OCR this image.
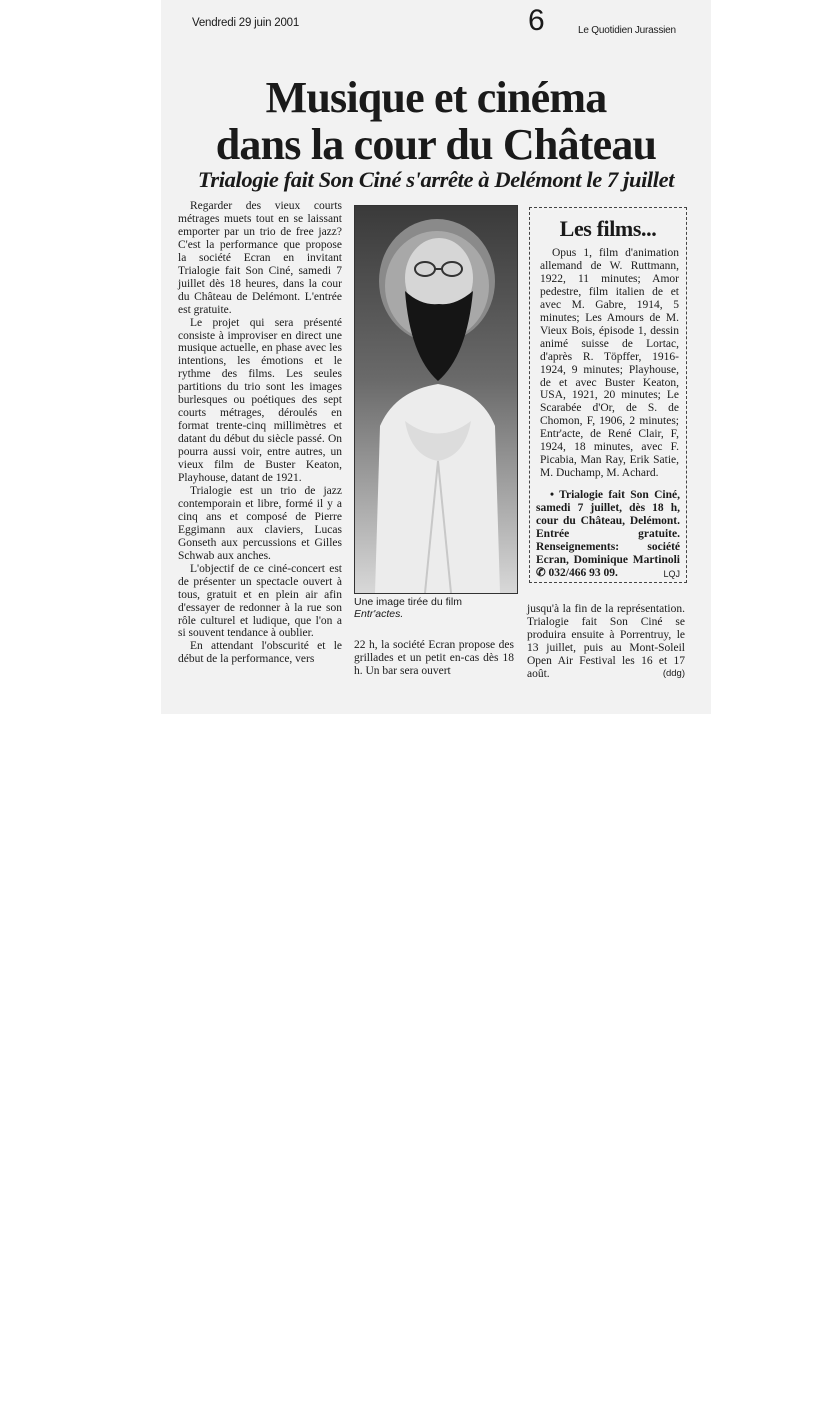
Vendredi 29 juin 2001	6	Le Quotidien Jurassien
Musique et cinéma
dans la cour du Château
Trialogie fait Son Ciné s'arrête à Delémont le 7 juillet

Regarder des vieux courts métrages muets tout en se laissant emporter par un trio de free jazz? C'est la performance que propose la société Ecran en invitant Trialogie fait Son Ciné, samedi 7 juillet dès 18 heures, dans la cour du Château de Delémont. L'entrée est gratuite.

Le projet qui sera présenté consiste à improviser en direct une musique actuelle, en phase avec les intentions, les émotions et le rythme des films. Les seules partitions du trio sont les images burlesques ou poétiques des sept courts métrages, déroulés en format trente-cinq millimètres et datant du début du siècle passé. On pourra aussi voir, entre autres, un vieux film de Buster Keaton, Playhouse, datant de 1921.

Trialogie est un trio de jazz contemporain et libre, formé il y a cinq ans et composé de Pierre Eggimann aux claviers, Lucas Gonseth aux percussions et Gilles Schwab aux anches.

L'objectif de ce ciné-concert est de présenter un spectacle ouvert à tous, gratuit et en plein air afin d'essayer de redonner à la rue son rôle culturel et ludique, que l'on a si souvent tendance à oublier.

En attendant l'obscurité et le début de la performance, vers

Une image tirée du film
Entr'actes.

22 h, la société Ecran propose des grillades et un petit en-cas dès 18 h. Un bar sera ouvert

jusqu'à la fin de la représentation. Trialogie fait Son Ciné se produira ensuite à Porrentruy, le 13 juillet, puis au Mont-Soleil Open Air Festival les 16 et 17 août.	(ddg)

Les films...

Opus 1, film d'animation allemand de W. Ruttmann, 1922, 11 minutes; Amor pedestre, film italien de et avec M. Gabre, 1914, 5 minutes; Les Amours de M. Vieux Bois, épisode 1, dessin animé suisse de Lortac, d'après R. Töpffer, 1916-1924, 9 minutes; Playhouse, de et avec Buster Keaton, USA, 1921, 20 minutes; Le Scarabée d'Or, de S. de Chomon, F, 1906, 2 minutes; Entr'acte, de René Clair, F, 1924, 18 minutes, avec F. Picabia, Man Ray, Erik Satie, M. Duchamp, M. Achard.

• Trialogie fait Son Ciné, samedi 7 juillet, dès 18 h, cour du Château, Delémont. Entrée gratuite. Renseignements: société Ecran, Dominique Martinoli ✆ 032/466 93 09.	LQJ
